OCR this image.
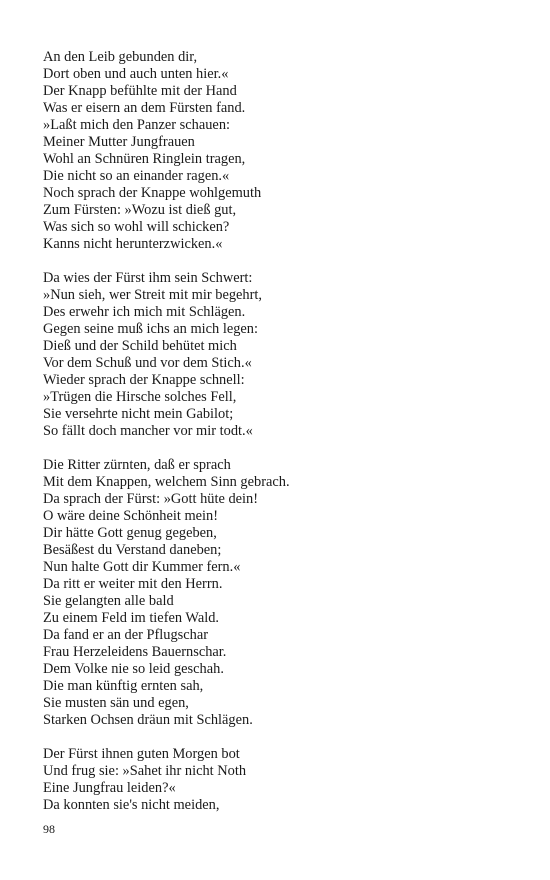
An den Leib gebunden dir,
Dort oben und auch unten hier.«
Der Knapp befühlte mit der Hand
Was er eisern an dem Fürsten fand.
»Laßt mich den Panzer schauen:
Meiner Mutter Jungfrauen
Wohl an Schnüren Ringlein tragen,
Die nicht so an einander ragen.«
Noch sprach der Knappe wohlgemuth
Zum Fürsten: »Wozu ist dieß gut,
Was sich so wohl will schicken?
Kanns nicht herunterzwicken.«
Da wies der Fürst ihm sein Schwert:
»Nun sieh, wer Streit mit mir begehrt,
Des erwehr ich mich mit Schlägen.
Gegen seine muß ichs an mich legen:
Dieß und der Schild behütet mich
Vor dem Schuß und vor dem Stich.«
Wieder sprach der Knappe schnell:
»Trügen die Hirsche solches Fell,
Sie versehrte nicht mein Gabilot;
So fällt doch mancher vor mir todt.«
Die Ritter zürnten, daß er sprach
Mit dem Knappen, welchem Sinn gebrach.
Da sprach der Fürst: »Gott hüte dein!
O wäre deine Schönheit mein!
Dir hätte Gott genug gegeben,
Besäßest du Verstand daneben;
Nun halte Gott dir Kummer fern.«
Da ritt er weiter mit den Herrn.
Sie gelangten alle bald
Zu einem Feld im tiefen Wald.
Da fand er an der Pflugschar
Frau Herzeleidens Bauernschar.
Dem Volke nie so leid geschah.
Die man künftig ernten sah,
Sie musten sän und egen,
Starken Ochsen dräun mit Schlägen.
Der Fürst ihnen guten Morgen bot
Und frug sie: »Sahet ihr nicht Noth
Eine Jungfrau leiden?«
Da konnten sie's nicht meiden,
98
